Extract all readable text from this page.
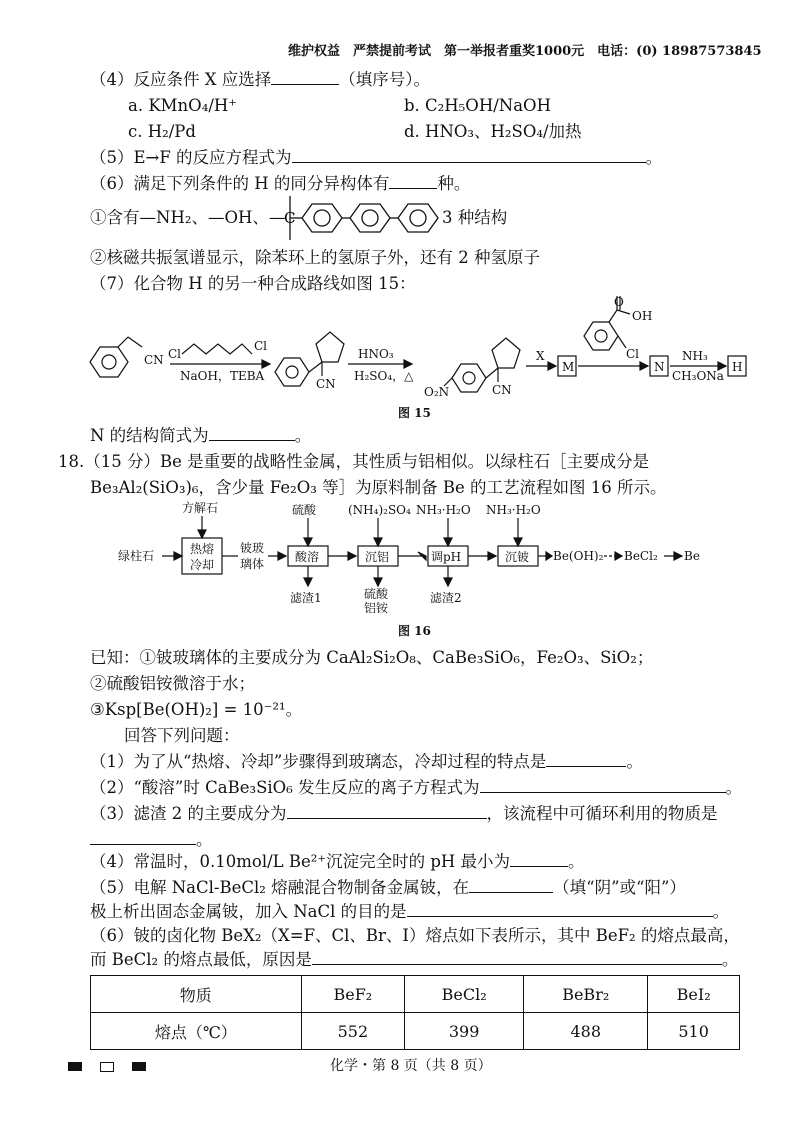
维护权益　严禁提前考试　第一举报者重奖1000元　电话：(0) 18987573845
（4）反应条件 X 应选择	（填序号）。
a. KMnO₄/H⁺	b. C₂H₅OH/NaOH
c. H₂/Pd	d. HNO₃、H₂SO₄/加热
（5）E→F 的反应方程式为	。
（6）满足下列条件的 H 的同分异构体有	种。
①含有—NH₂、—OH、—
C	3 种结构
②核磁共振氢谱显示，除苯环上的氢原子外，还有 2 种氢原子
（7）化合物 H 的另一种合成路线如图 15：
CN Cl
Cl
NaOH，TEBA
CN
HNO₃
H₂SO₄，△
O₂N	CN
X
M
O
OH
Cl
N
NH₃
CH₃ONa
H
图 15
N 的结构简式为	。
18.（15 分）Be 是重要的战略性金属，其性质与铝相似。以绿柱石［主要成分是
Be₃Al₂(SiO₃)₆，含少量 Fe₂O₃ 等］为原料制备 Be 的工艺流程如图 16 所示。
绿柱石
方解石
热熔
冷却
铍玻
璃体	酸溶	沉铝	调pH	沉铍
硫酸	(NH₄)₂SO₄ NH₃·H₂O NH₃·H₂O
滤渣1	硫酸
铝铵
滤渣2
Be(OH)₂ BeCl₂ Be
图 16
已知：①铍玻璃体的主要成分为 CaAl₂Si₂O₈、CaBe₃SiO₆，Fe₂O₃、SiO₂；
②硫酸铝铵微溶于水；
③Ksp[Be(OH)₂] = 10⁻²¹。
回答下列问题：
（1）为了从“热熔、冷却”步骤得到玻璃态，冷却过程的特点是	。
（2）“酸溶”时 CaBe₃SiO₆ 发生反应的离子方程式为	。
（3）滤渣 2 的主要成分为	，该流程中可循环利用的物质是
。
（4）常温时，0.10mol/L Be²⁺沉淀完全时的 pH 最小为	。
（5）电解 NaCl-BeCl₂ 熔融混合物制备金属铍，在	（填“阴”或“阳”）
极上析出固态金属铍，加入 NaCl 的目的是	。
（6）铍的卤化物 BeX₂（X=F、Cl、Br、I）熔点如下表所示，其中 BeF₂ 的熔点最高，
而 BeCl₂ 的熔点最低，原因是	。
物质	BeF₂	BeCl₂	BeBr₂	BeI₂
熔点（℃）	552	399	488	510
化学・第 8 页（共 8 页）
